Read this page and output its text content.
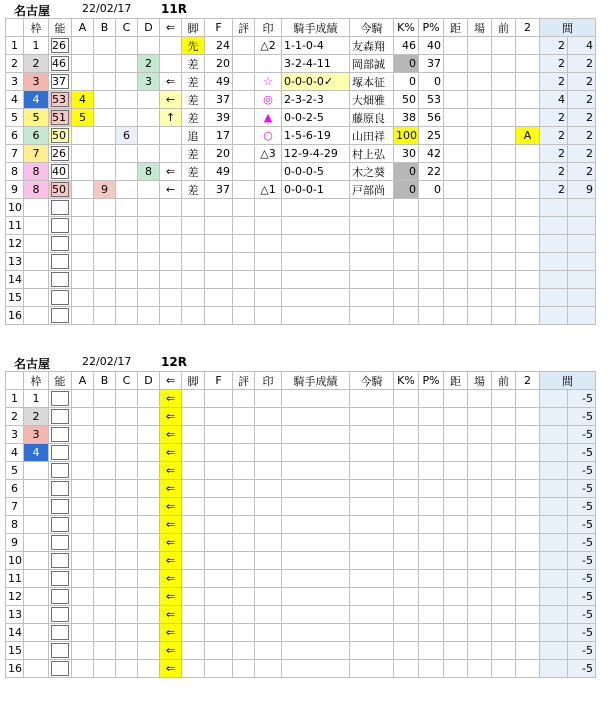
名古屋	22/02/17 11R
	枠	能	A	B	C	D	⇐	脚	F	評	印	騎手成績	今騎	K%	P%	距	場	前	2	間	
1	1	26						先	24		△2	1-1-0-4	友森翔	46	40					2	4
2	2	46				2		差	20			3-2-4-11	岡部誠	0	37					2	2
3	3	37				3	⇐	差	49		☆	0-0-0-0✓	塚本征	0	0					2	2
4	4	53	4				←	差	37		◎	2-3-2-3	大畑雅	50	53					4	2
5	5	51	5				↑	差	39		▲	0-0-2-5	藤原良	38	56					2	2
6	6	50			6			追	17		○	1-5-6-19	山田祥	100	25				A	2	2
7	7	26						差	20		△3	12-9-4-29	村上弘	30	42					2	2
8	8	40				8	⇐	差	49			0-0-0-5	木之葵	0	22					2	2
9	8	50		9			←	差	37		△1	0-0-0-1	戸部尚	0	0					2	9
10		

11		

12		

13		

14		

15		

16		

名古屋	22/02/17 12R
	枠	能	A	B	C	D	⇐	脚	F	評	印	騎手成績	今騎	K%	P%	距	場	前	2	間	
1	1						⇐														-5
2	2						⇐														-5
3	3						⇐														-5
4	4						⇐														-5
5							⇐														-5
6							⇐														-5
7							⇐														-5
8							⇐														-5
9							⇐														-5
10							⇐														-5
11							⇐														-5
12							⇐														-5
13							⇐														-5
14							⇐														-5
15							⇐														-5
16							⇐														-5
